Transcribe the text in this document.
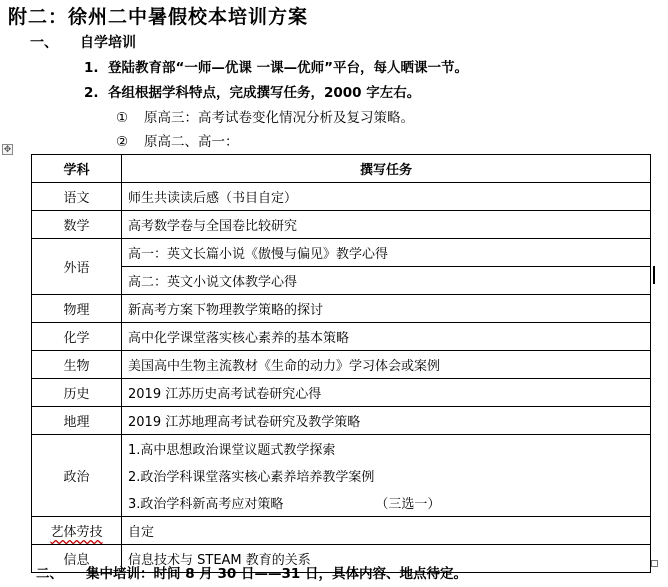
附二：徐州二中暑假校本培训方案
一、 自学培训
1. 登陆教育部“一师—优课 一课—优师”平台，每人晒课一节。
2. 各组根据学科特点，完成撰写任务，2000 字左右。
① 原高三：高考试卷变化情况分析及复习策略。
② 原高二、高一：
✥
学科	撰写任务
语文	师生共读读后感（书目自定）
数学	高考数学卷与全国卷比较研究
外语	高一：英文长篇小说《傲慢与偏见》教学心得
	高二：英文小说文体教学心得
物理	新高考方案下物理教学策略的探讨
化学	高中化学课堂落实核心素养的基本策略
生物	美国高中生物主流教材《生命的动力》学习体会或案例
历史	2019 江苏历史高考试卷研究心得
地理	2019 江苏地理高考试卷研究及教学策略
政治	1.高中思想政治课堂议题式教学探索
	2.政治学科课堂落实核心素养培养教学案例
	3.政治学科新高考应对策略 （三选一）
艺体劳技	自定
信息	信息技术与 STEAM 教育的关系
二、 集中培训：时间 8 月 30 日——31 日，具体内容、地点待定。
